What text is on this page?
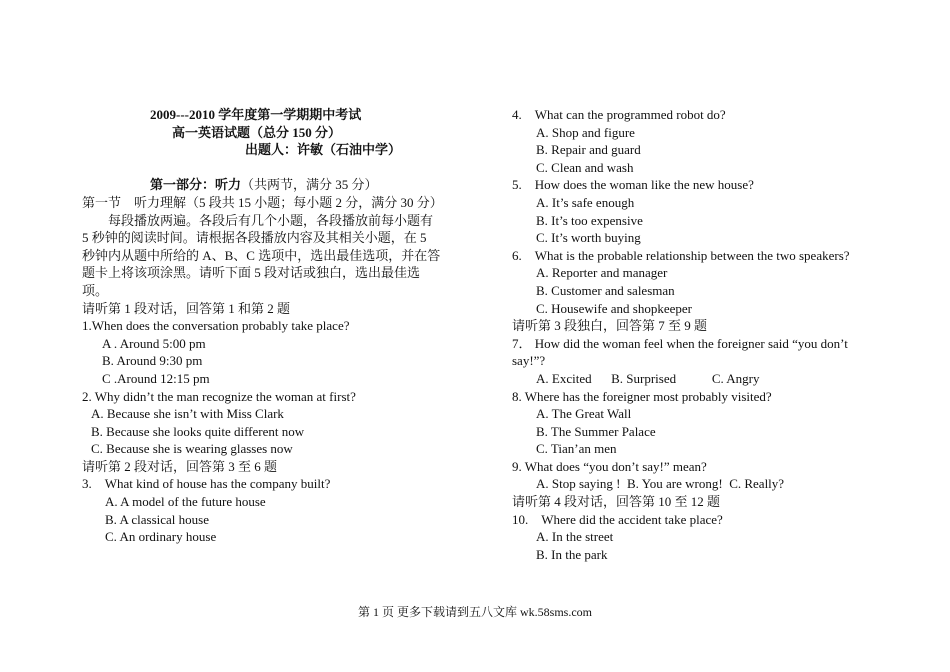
2009---2010 学年度第一学期期中考试
高一英语试题（总分 150 分）
出题人：许敏（石油中学）
第一部分：听力（共两节，满分 35 分）
第一节　听力理解（5 段共 15 小题；每小题 2 分，满分 30 分）
每段播放两遍。各段后有几个小题，各段播放前每小题有 5 秒钟的阅读时间。请根据各段播放内容及其相关小题，在 5 秒钟内从题中所给的 A、B、C 选项中，选出最佳选项，并在答题卡上将该项涂黑。请听下面 5 段对话或独白，选出最佳选项。
请听第 1 段对话，回答第 1 和第 2 题
1.When does the conversation probably take place?
A . Around 5:00 pm
B. Around 9:30 pm
C .Around 12:15 pm
2. Why didn’t the man recognize the woman at first?
A. Because she isn’t with Miss Clark
B. Because she looks quite different now
C. Because she is wearing glasses now
请听第 2 段对话，回答第 3 至 6 题
3.　What kind of house has the company built?
A. A model of the future house
B. A classical house
C. An ordinary house
4.　What can the programmed robot do?
A. Shop and figure
B. Repair and guard
C. Clean and wash
5.　How does the woman like the new house?
A. It’s safe enough
B. It’s too expensive
C. It’s worth buying
6.　What is the probable relationship between the two speakers?
A. Reporter and manager
B. Customer and salesman
C. Housewife and shopkeeper
请听第 3 段独白，回答第 7 至 9 题
7． How did the woman feel when the foreigner said “you don’t say!”?
A. Excited      B. Surprised           C. Angry
8. Where has the foreigner most probably visited?
A. The Great Wall
B. The Summer Palace
C. Tian’an men
9. What does “you don’t say!” mean?
A. Stop saying !  B. You are wrong!  C. Really?
请听第 4 段对话，回答第 10 至 12 题
10.　Where did the accident take place?
A. In the street
B. In the park
第 1 页 更多下载请到五八文库 wk.58sms.com
